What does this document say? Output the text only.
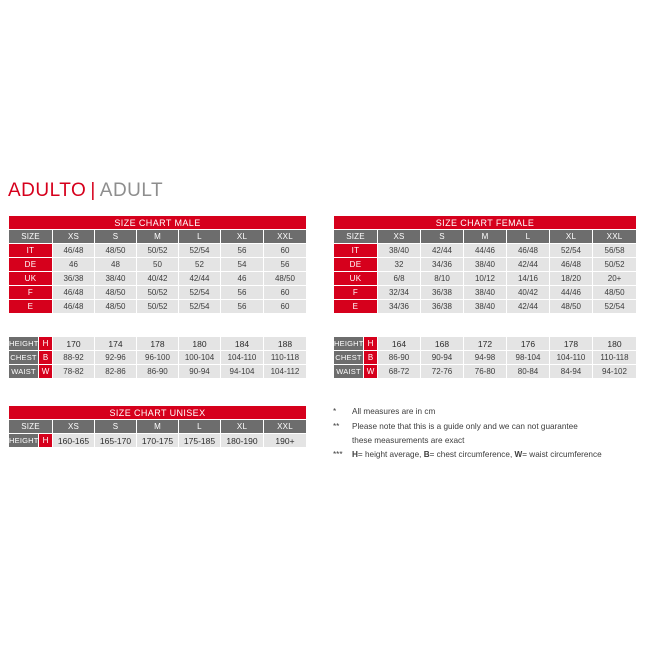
ADULTO | ADULT
SIZE CHART MALE						
SIZE	XS	S	M	L	XL	XXL
IT	46/48	48/50	50/52	52/54	56	60
DE	46	48	50	52	54	56
UK	36/38	38/40	40/42	42/44	46	48/50
F	46/48	48/50	50/52	52/54	56	60
E	46/48	48/50	50/52	52/54	56	60
HEIGHT	H	170	174	178	180	184	188
CHEST	B	88-92	92-96	96-100	100-104	104-110	110-118
WAIST	W	78-82	82-86	86-90	90-94	94-104	104-112
SIZE CHART FEMALE						
SIZE	XS	S	M	L	XL	XXL
IT	38/40	42/44	44/46	46/48	52/54	56/58
DE	32	34/36	38/40	42/44	46/48	50/52
UK	6/8	8/10	10/12	14/16	18/20	20+
F	32/34	36/38	38/40	40/42	44/46	48/50
E	34/36	36/38	38/40	42/44	48/50	52/54
HEIGHT	H	164	168	172	176	178	180
CHEST	B	86-90	90-94	94-98	98-104	104-110	110-118
WAIST	W	68-72	72-76	76-80	80-84	84-94	94-102
SIZE CHART UNISEX							
SIZE		XS	S	M	L	XL	XXL
HEIGHT	H	160-165	165-170	170-175	175-185	180-190	190+
*	All measures are in cm
**	Please note that this is a guide only and we can not guarantee
these measurements are exact
***	H= height average, B= chest circumference, W= waist circumference
